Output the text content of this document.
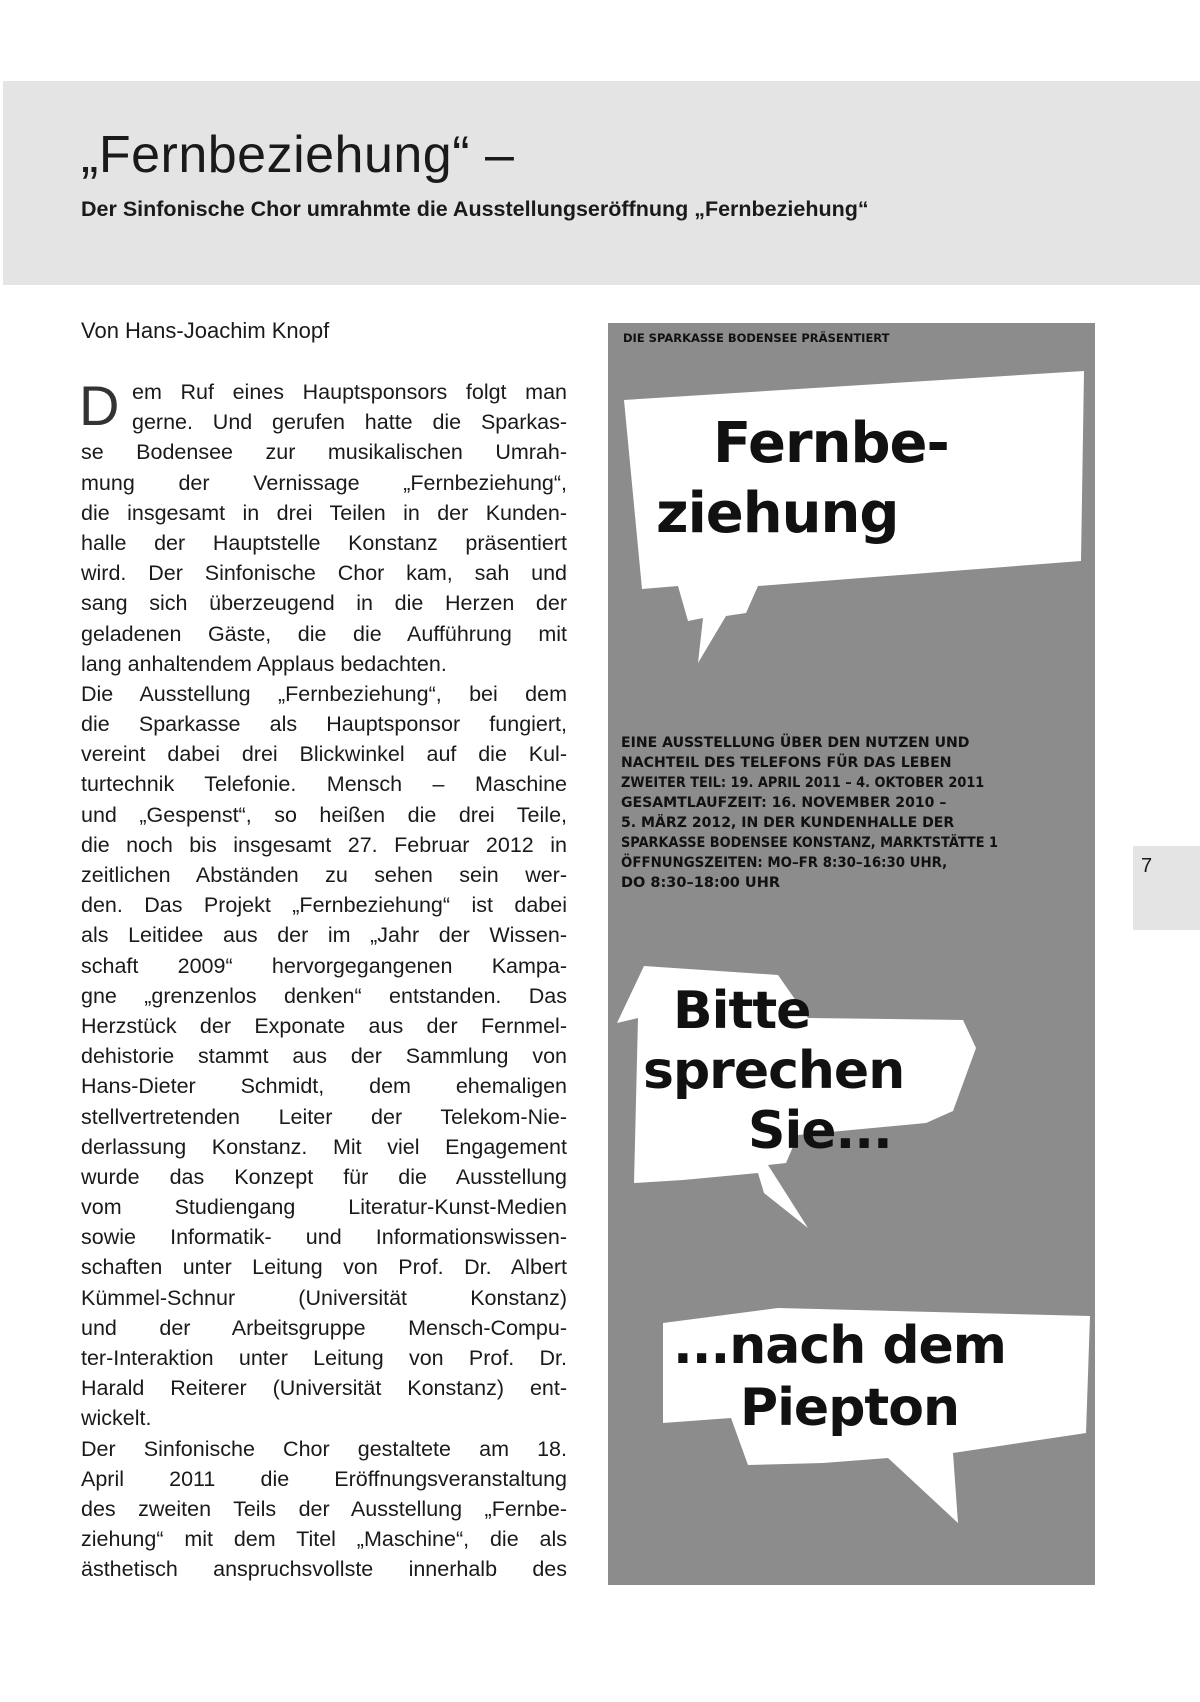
„Fernbeziehung“ –
Der Sinfonische Chor umrahmte die Ausstellungseröffnung „Fernbeziehung“

Von Hans-Joachim Knopf

D em Ruf eines Hauptsponsors folgt man
gerne. Und gerufen hatte die Sparkas-
se Bodensee zur musikalischen Umrah-
mung der Vernissage „Fernbeziehung“,
die insgesamt in drei Teilen in der Kunden-
halle der Hauptstelle Konstanz präsentiert
wird. Der Sinfonische Chor kam, sah und
sang sich überzeugend in die Herzen der
geladenen Gäste, die die Aufführung mit
lang anhaltendem Applaus bedachten.
Die Ausstellung „Fernbeziehung“, bei dem
die Sparkasse als Hauptsponsor fungiert,
vereint dabei drei Blickwinkel auf die Kul-
turtechnik Telefonie. Mensch – Maschine
und „Gespenst“, so heißen die drei Teile,
die noch bis insgesamt 27. Februar 2012 in
zeitlichen Abständen zu sehen sein wer-
den. Das Projekt „Fernbeziehung“ ist dabei
als Leitidee aus der im „Jahr der Wissen-
schaft 2009“ hervorgegangenen Kampa-
gne „grenzenlos denken“ entstanden. Das
Herzstück der Exponate aus der Fernmel-
dehistorie stammt aus der Sammlung von
Hans-Dieter Schmidt, dem ehemaligen
stellvertretenden Leiter der Telekom-Nie-
derlassung Konstanz. Mit viel Engagement
wurde das Konzept für die Ausstellung
vom Studiengang Literatur-Kunst-Medien
sowie Informatik- und Informationswissen-
schaften unter Leitung von Prof. Dr. Albert
Kümmel-Schnur (Universität Konstanz)
und der Arbeitsgruppe Mensch-Compu-
ter-Interaktion unter Leitung von Prof. Dr.
Harald Reiterer (Universität Konstanz) ent-
wickelt.
Der Sinfonische Chor gestaltete am 18.
April 2011 die Eröffnungsveranstaltung
des zweiten Teils der Ausstellung „Fernbe-
ziehung“ mit dem Titel „Maschine“, die als
ästhetisch anspruchsvollste innerhalb des
DIE SPARKASSE BODENSEE PRÄSENTIERT
Fernbe-
ziehung
EINE AUSSTELLUNG ÜBER DEN NUTZEN UND
NACHTEIL DES TELEFONS FÜR DAS LEBEN
ZWEITER TEIL: 19. APRIL 2011 – 4. OKTOBER 2011
GESAMTLAUFZEIT: 16. NOVEMBER 2010 –
5. MÄRZ 2012, IN DER KUNDENHALLE DER
SPARKASSE BODENSEE KONSTANZ, MARKTSTÄTTE 1
ÖFFNUNGSZEITEN: MO–FR 8:30–16:30 UHR,
DO 8:30–18:00 UHR
Bitte
sprechen
Sie...
...nach dem
Piepton
7
